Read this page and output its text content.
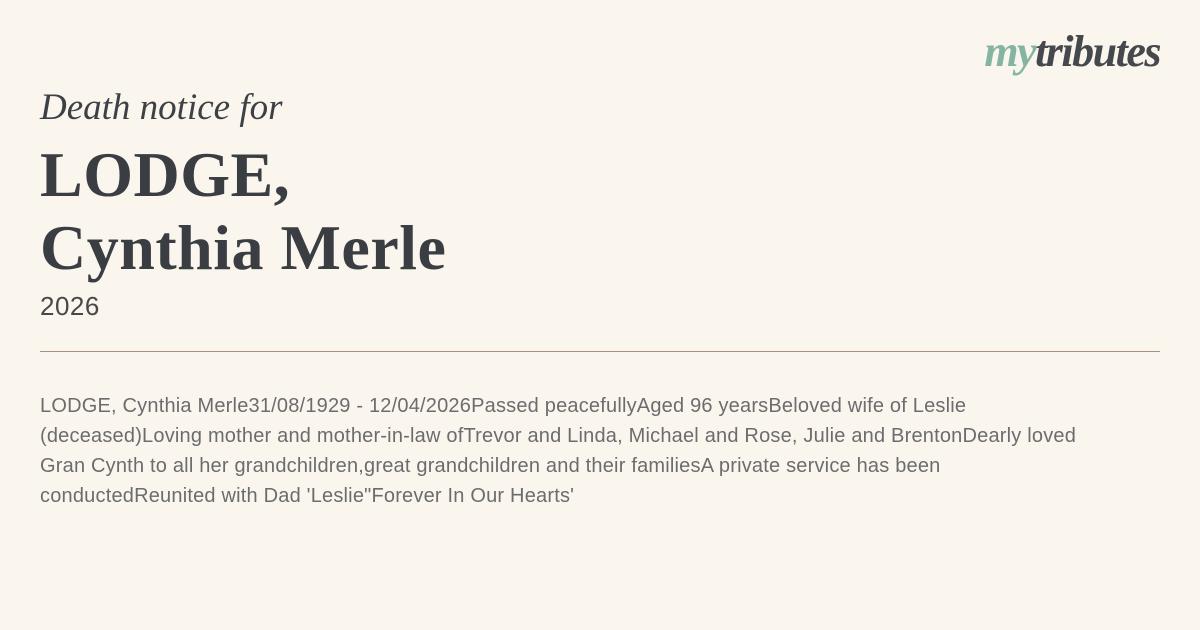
mytributes
Death notice for
LODGE,
Cynthia Merle
2026
LODGE, Cynthia Merle31/08/1929 - 12/04/2026Passed peacefullyAged 96 yearsBeloved wife of Leslie
(deceased)Loving mother and mother-in-law ofTrevor and Linda, Michael and Rose, Julie and BrentonDearly loved
Gran Cynth to all her grandchildren,great grandchildren and their familiesA private service has been
conductedReunited with Dad 'Leslie"Forever In Our Hearts'
